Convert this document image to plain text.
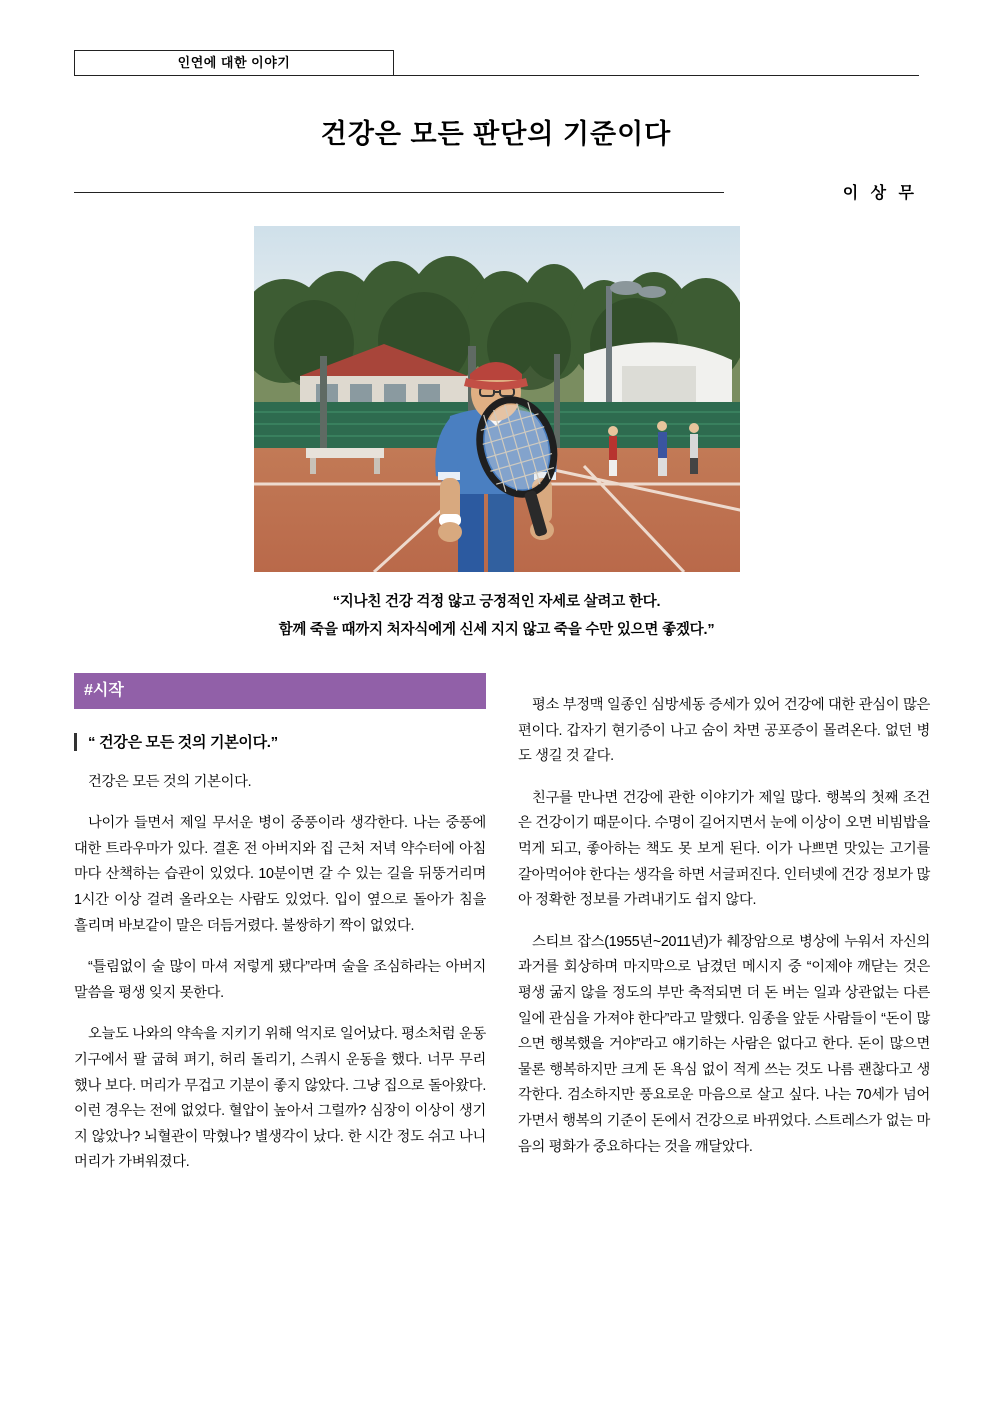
인연에 대한 이야기
건강은 모든 판단의 기준이다
이 상 무
“지나친 건강 걱정 않고 긍정적인 자세로 살려고 한다.
함께 죽을 때까지 처자식에게 신세 지지 않고 죽을 수만 있으면 좋겠다.”
#시작
“ 건강은 모든 것의 기본이다.”

건강은 모든 것의 기본이다.

나이가 들면서 제일 무서운 병이 중풍이라 생각한다. 나는 중풍에 대한 트라우마가 있다. 결혼 전 아버지와 집 근처 저녁 약수터에 아침마다 산책하는 습관이 있었다. 10분이면 갈 수 있는 길을 뒤뚱거리며 1시간 이상 걸려 올라오는 사람도 있었다. 입이 옆으로 돌아가 침을 흘리며 바보같이 말은 더듬거렸다. 불쌍하기 짝이 없었다.

“틀림없이 술 많이 마셔 저렇게 됐다”라며 술을 조심하라는 아버지 말씀을 평생 잊지 못한다.

오늘도 나와의 약속을 지키기 위해 억지로 일어났다. 평소처럼 운동기구에서 팔 굽혀 펴기, 허리 돌리기, 스쿼시 운동을 했다. 너무 무리 했나 보다. 머리가 무겁고 기분이 좋지 않았다. 그냥 집으로 돌아왔다. 이런 경우는 전에 없었다. 혈압이 높아서 그럴까? 심장이 이상이 생기지 않았나? 뇌혈관이 막혔나? 별생각이 났다. 한 시간 정도 쉬고 나니 머리가 가벼워졌다.

평소 부정맥 일종인 심방세동 증세가 있어 건강에 대한 관심이 많은 편이다. 갑자기 현기증이 나고 숨이 차면 공포증이 몰려온다. 없던 병도 생길 것 같다.

친구를 만나면 건강에 관한 이야기가 제일 많다. 행복의 첫째 조건은 건강이기 때문이다. 수명이 길어지면서 눈에 이상이 오면 비빔밥을 먹게 되고, 좋아하는 책도 못 보게 된다. 이가 나쁘면 맛있는 고기를 갈아먹어야 한다는 생각을 하면 서글퍼진다. 인터넷에 건강 정보가 많아 정확한 정보를 가려내기도 쉽지 않다.

스티브 잡스(1955년~2011년)가 췌장암으로 병상에 누워서 자신의 과거를 회상하며 마지막으로 남겼던 메시지 중 “이제야 깨닫는 것은 평생 굶지 않을 정도의 부만 축적되면 더 돈 버는 일과 상관없는 다른 일에 관심을 가져야 한다”라고 말했다. 임종을 앞둔 사람들이 “돈이 많으면 행복했을 거야”라고 얘기하는 사람은 없다고 한다. 돈이 많으면 물론 행복하지만 크게 돈 욕심 없이 적게 쓰는 것도 나름 괜찮다고 생각한다. 검소하지만 풍요로운 마음으로 살고 싶다. 나는 70세가 넘어가면서 행복의 기준이 돈에서 건강으로 바뀌었다. 스트레스가 없는 마음의 평화가 중요하다는 것을 깨달았다.
